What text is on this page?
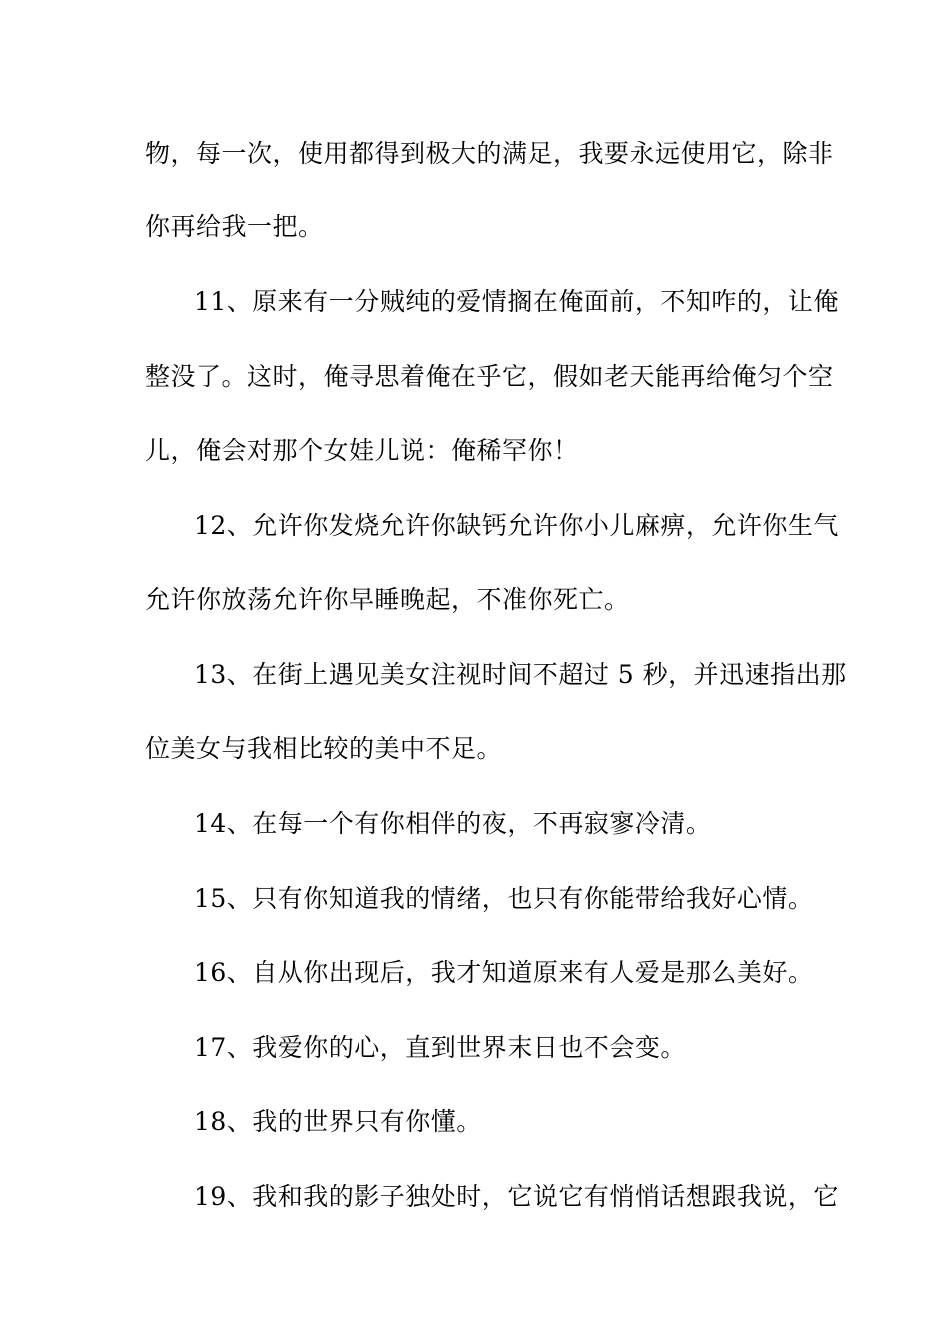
物，每一次，使用都得到极大的满足，我要永远使用它，除非
你再给我一把。
11、原来有一分贼纯的爱情搁在俺面前，不知咋的，让俺
整没了。这时，俺寻思着俺在乎它，假如老天能再给俺匀个空
儿，俺会对那个女娃儿说：俺稀罕你！
12、允许你发烧允许你缺钙允许你小儿麻痹，允许你生气
允许你放荡允许你早睡晚起，不准你死亡。
13、在街上遇见美女注视时间不超过 5 秒，并迅速指出那
位美女与我相比较的美中不足。
14、在每一个有你相伴的夜，不再寂寥冷清。
15、只有你知道我的情绪，也只有你能带给我好心情。
16、自从你出现后，我才知道原来有人爱是那么美好。
17、我爱你的心，直到世界末日也不会变。
18、我的世界只有你懂。
19、我和我的影子独处时，它说它有悄悄话想跟我说，它
